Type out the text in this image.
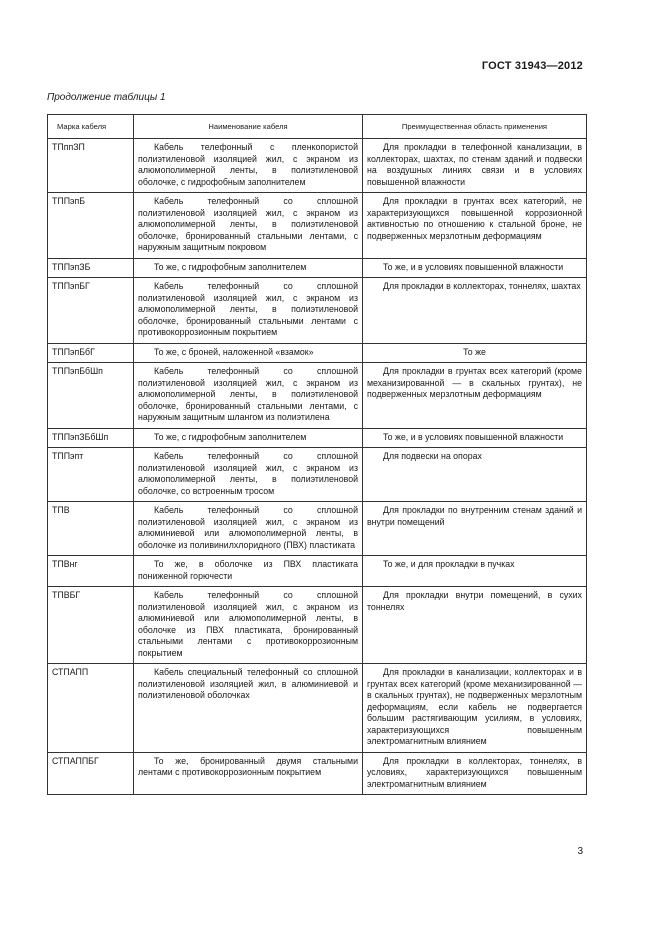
ГОСТ 31943—2012
Продолжение таблицы 1
Марка кабеля	Наименование кабеля	Преимущественная область применения
ТПппЗП	Кабель телефонный с пленкопористой полиэтиленовой изоляцией жил, с экраном из алюмополимерной ленты, в полиэтиленовой оболочке, с гидрофобным заполнителем	Для прокладки в телефонной канализации, в коллекторах, шахтах, по стенам зданий и подвески на воздушных линиях связи и в условиях повышенной влажности
ТППэпБ	Кабель телефонный со сплошной полиэтиленовой изоляцией жил, с экраном из алюмополимерной ленты, в полиэтиленовой оболочке, бронированный стальными лентами, с наружным защитным покровом	Для прокладки в грунтах всех категорий, не характеризующихся повышенной коррозионной активностью по отношению к стальной броне, не подверженных мерзлотным деформациям
ТППэпЗБ	То же, с гидрофобным заполнителем	То же, и в условиях повышенной влажности
ТППэпБГ	Кабель телефонный со сплошной полиэтиленовой изоляцией жил, с экраном из алюмополимерной ленты, в полиэтиленовой оболочке, бронированный стальными лентами с противокоррозионным покрытием	Для прокладки в коллекторах, тоннелях, шахтах
ТППэпБбГ	То же, с броней, наложенной «взамок»	То же
ТППэпБбШп	Кабель телефонный со сплошной полиэтиленовой изоляцией жил, с экраном из алюмополимерной ленты, в полиэтиленовой оболочке, бронированный стальными лентами, с наружным защитным шлангом из полиэтилена	Для прокладки в грунтах всех категорий (кроме механизированной — в скальных грунтах), не подверженных мерзлотным деформациям
ТППэпЗБбШп	То же, с гидрофобным заполнителем	То же, и в условиях повышенной влажности
ТППэпт	Кабель телефонный со сплошной полиэтиленовой изоляцией жил, с экраном из алюмополимерной ленты, в полиэтиленовой оболочке, со встроенным тросом	Для подвески на опорах
ТПВ	Кабель телефонный со сплошной полиэтиленовой изоляцией жил, с экраном из алюминиевой или алюмополимерной ленты, в оболочке из поливинилхлоридного (ПВХ) пластиката	Для прокладки по внутренним стенам зданий и внутри помещений
ТПВнг	То же, в оболочке из ПВХ пластиката пониженной горючести	То же, и для прокладки в пучках
ТПВБГ	Кабель телефонный со сплошной полиэтиленовой изоляцией жил, с экраном из алюминиевой или алюмополимерной ленты, в оболочке из ПВХ пластиката, бронированный стальными лентами с противокоррозионным покрытием	Для прокладки внутри помещений, в сухих тоннелях
СТПАПП	Кабель специальный телефонный со сплошной полиэтиленовой изоляцией жил, в алюминиевой и полиэтиленовой оболочках	Для прокладки в канализации, коллекторах и в грунтах всех категорий (кроме механизированной — в скальных грунтах), не подверженных мерзлотным деформациям, если кабель не подвергается большим растягивающим усилиям, в условиях, характеризующихся повышенным электромагнитным влиянием
СТПАППБГ	То же, бронированный двумя стальными лентами с противокоррозионным покрытием	Для прокладки в коллекторах, тоннелях, в условиях, характеризующихся повышенным электромагнитным влиянием
3
